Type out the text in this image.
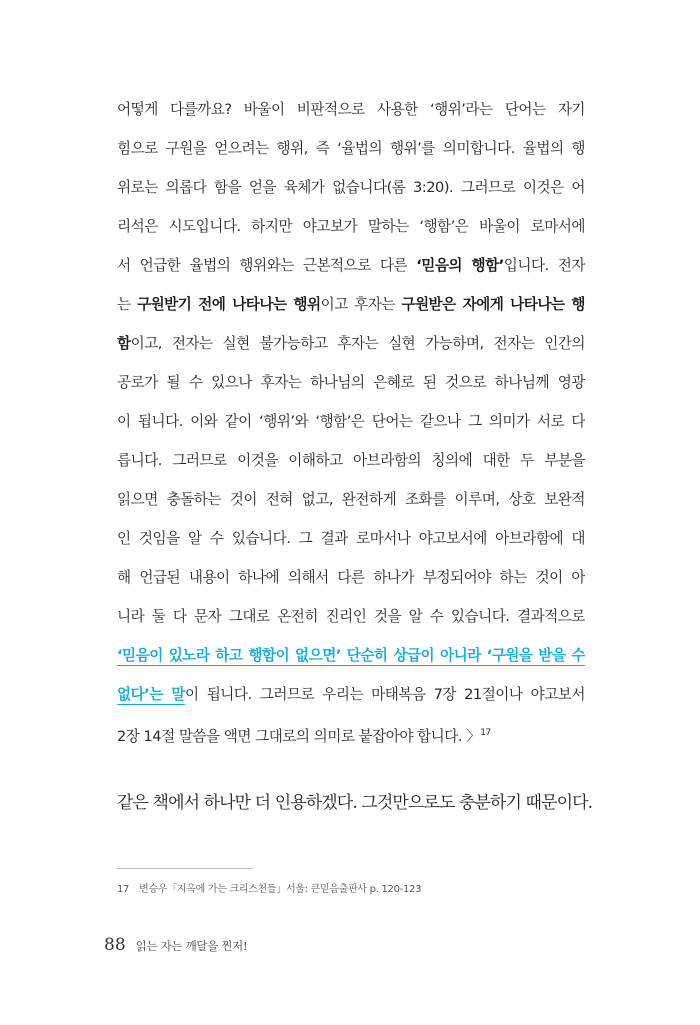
어떻게 다를까요? 바울이 비판적으로 사용한 ‘행위’라는 단어는 자기
힘으로 구원을 얻으려는 행위, 즉 ‘율법의 행위’를 의미합니다. 율법의 행
위로는 의롭다 함을 얻을 육체가 없습니다(롬 3:20). 그러므로 이것은 어
리석은 시도입니다. 하지만 야고보가 말하는 ‘행함’은 바울이 로마서에
서 언급한 율법의 행위와는 근본적으로 다른 ‘믿음의 행함’입니다. 전자
는 구원받기 전에 나타나는 행위이고 후자는 구원받은 자에게 나타나는 행
함이고, 전자는 실현 불가능하고 후자는 실현 가능하며, 전자는 인간의
공로가 될 수 있으나 후자는 하나님의 은혜로 된 것으로 하나님께 영광
이 됩니다. 이와 같이 ‘행위’와 ‘행함’은 단어는 같으나 그 의미가 서로 다
릅니다. 그러므로 이것을 이해하고 아브라함의 칭의에 대한 두 부분을
읽으면 충돌하는 것이 전혀 없고, 완전하게 조화를 이루며, 상호 보완적
인 것임을 알 수 있습니다. 그 결과 로마서나 야고보서에 아브라함에 대
해 언급된 내용이 하나에 의해서 다른 하나가 부정되어야 하는 것이 아
니라 둘 다 문자 그대로 온전히 진리인 것을 알 수 있습니다. 결과적으로
‘믿음이 있노라 하고 행함이 없으면’ 단순히 상급이 아니라 ‘구원을 받을 수
없다’는 말이 됩니다. 그러므로 우리는 마태복음 7장 21절이나 야고보서
2장 14절 말씀을 액면 그대로의 의미로 붙잡아야 합니다. 〉$^{17}$

같은 책에서 하나만 더 인용하겠다. 그것만으로도 충분하기 때문이다.

17 변승우「지옥에 가는 크리스천들」서울: 큰믿음출판사 p. 120-123
88 읽는 자는 깨달을 찐저!
